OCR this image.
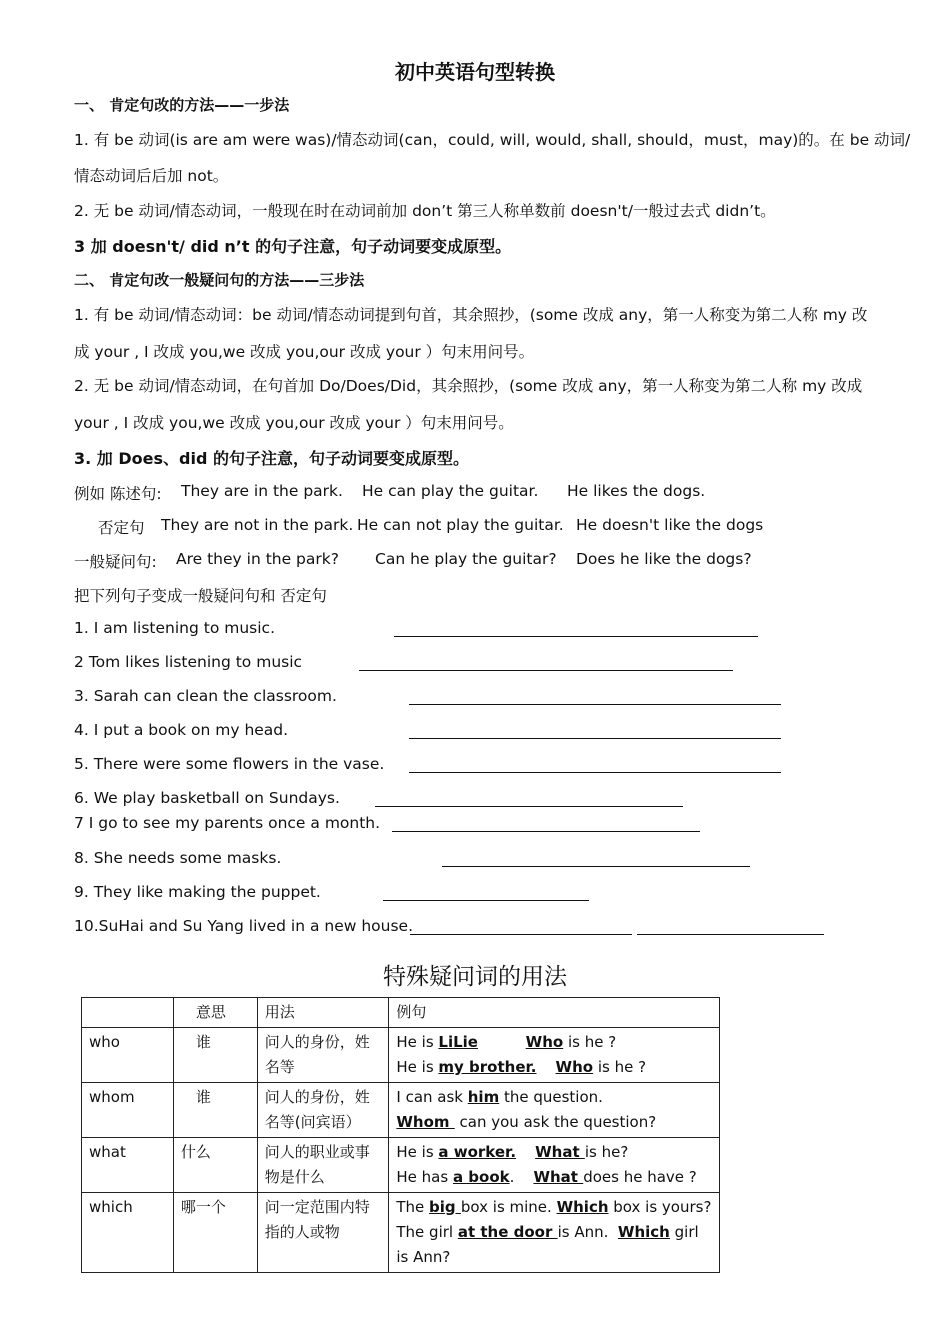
初中英语句型转换
一、 肯定句改的方法——一步法
1. 有 be 动词(is are am were was)/情态动词(can，could, will, would, shall, should，must，may)的。在 be 动词/
情态动词后后加 not。
2. 无 be 动词/情态动词，一般现在时在动词前加 don’t 第三人称单数前 doesn't/一般过去式 didn’t。
3 加 doesn't/ did n’t 的句子注意，句子动词要变成原型。
二、 肯定句改一般疑问句的方法——三步法
1. 有 be 动词/情态动词：be 动词/情态动词提到句首，其余照抄，(some 改成 any，第一人称变为第二人称 my 改
成 your , I 改成 you,we 改成 you,our 改成 your ）句末用问号。
2. 无 be 动词/情态动词，在句首加 Do/Does/Did，其余照抄，(some 改成 any，第一人称变为第二人称 my 改成
your , I 改成 you,we 改成 you,our 改成 your ）句末用问号。
3. 加 Does、did 的句子注意，句子动词要变成原型。
例如 陈述句: They are in the park. He can play the guitar. He likes the dogs.
否定句 They are not in the park. He can not play the guitar. He doesn't like the dogs
一般疑问句: Are they in the park? Can he play the guitar? Does he like the dogs?
把下列句子变成一般疑问句和 否定句
1. I am listening to music.
2 Tom likes listening to music
3. Sarah can clean the classroom.
4. I put a book on my head.
5. There were some flowers in the vase.
6. We play basketball on Sundays.
7 I go to see my parents once a month.
8. She needs some masks.
9. They like making the puppet.
10.SuHai and Su Yang lived in a new house.
特殊疑问词的用法
	意思	用法	例句
who	谁	问人的身份，姓名等	He is LiLie Who is he ?
He is my brother. Who is he ?

whom	谁	问人的身份，姓名等(问宾语）	I can ask him the question.
Whom  can you ask the question?

what	什么	问人的职业或事物是什么	He is a worker. What is he?
He has a book.    What does he have ?

which	哪一个	问一定范围内特指的人或物	The big box is mine. Which box is yours?
The girl at the door is Ann.  Which girl is Ann?
